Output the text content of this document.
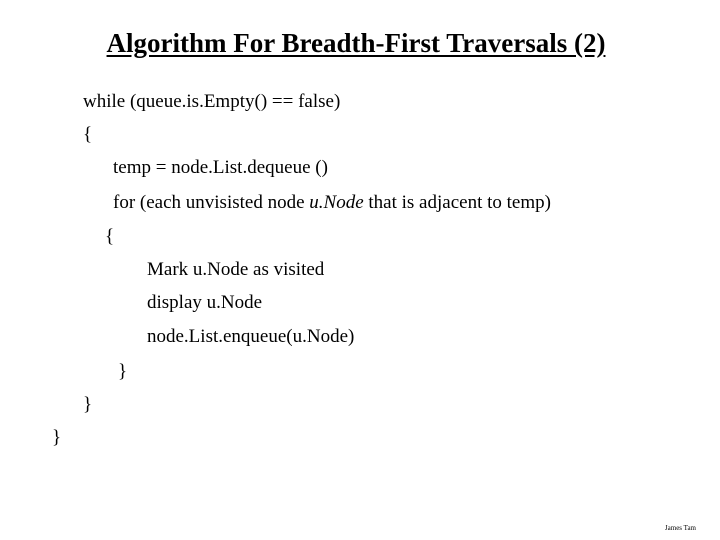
Algorithm For Breadth-First Traversals (2)
while (queue.is.Empty() == false)
{
temp = node.List.dequeue ()
for (each unvisisted node u.Node that is adjacent to temp)
{
Mark u.Node as visited
display u.Node
node.List.enqueue(u.Node)
}
}
}
James Tam
